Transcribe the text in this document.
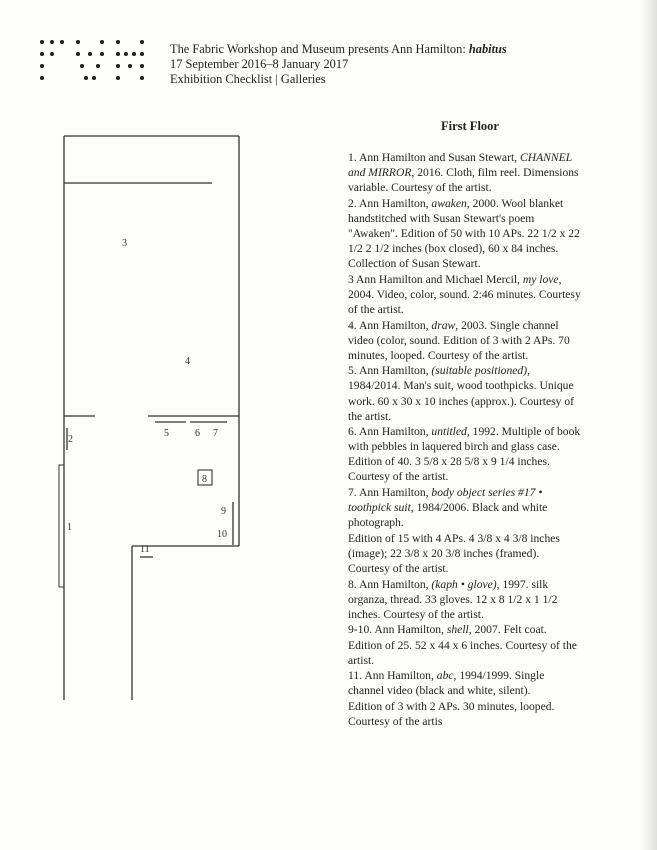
The Fabric Workshop and Museum presents Ann Hamilton: habitus
17 September 2016–8 January 2017
Exhibition Checklist | Galleries
1
2
3
4
5	6 7
8
9
10
11
First Floor

1. Ann Hamilton and Susan Stewart, CHANNEL and MIRROR, 2016. Cloth, film reel. Dimensions variable. Courtesy of the artist.

2. Ann Hamilton, awaken, 2000. Wool blanket handstitched with Susan Stewart's poem "Awaken". Edition of 50 with 10 APs. 22 1/2 x 22 1/2 2 1/2 inches (box closed), 60 x 84 inches. Collection of Susan Stewart.

3 Ann Hamilton and Michael Mercil, my love, 2004. Video, color, sound. 2:46 minutes. Courtesy of the artist.

4. Ann Hamilton, draw, 2003. Single channel video (color, sound. Edition of 3 with 2 APs. 70 minutes, looped. Courtesy of the artist.

5. Ann Hamilton, (suitable positioned), 1984/2014. Man's suit, wood toothpicks. Unique work. 60 x 30 x 10 inches (approx.). Courtesy of the artist.

6. Ann Hamilton, untitled, 1992. Multiple of book with pebbles in laquered birch and glass case. Edition of 40. 3 5/8 x 28 5/8 x 9 1/4 inches. Courtesy of the artist.

7. Ann Hamilton, body object series #17 • toothpick suit, 1984/2006. Black and white photograph.

Edition of 15 with 4 APs. 4 3/8 x 4 3/8 inches (image); 22 3/8 x 20 3/8 inches (framed). Courtesy of the artist.

8. Ann Hamilton, (kaph • glove), 1997. silk organza, thread. 33 gloves. 12 x 8 1/2 x 1 1/2 inches. Courtesy of the artist.

9-10. Ann Hamilton, shell, 2007. Felt coat. Edition of 25. 52 x 44 x 6 inches. Courtesy of the artist.

11. Ann Hamilton, abc, 1994/1999. Single channel video (black and white, silent).

Edition of 3 with 2 APs. 30 minutes, looped. Courtesy of the artis
